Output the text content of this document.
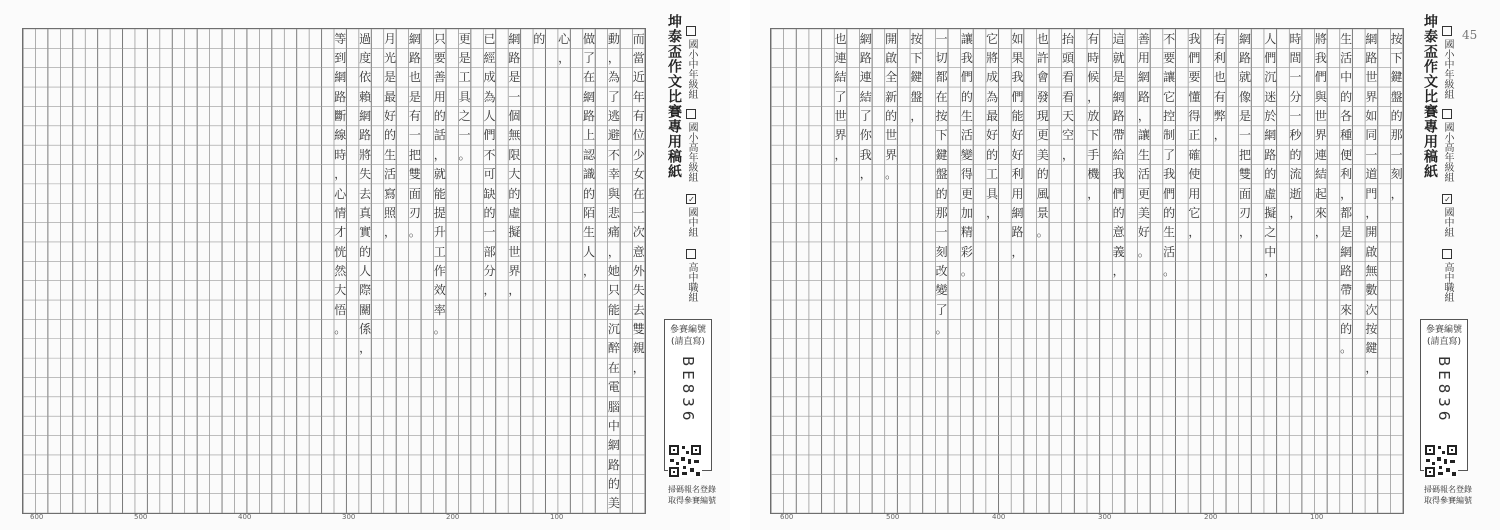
而
當
近
年
有
位
少
女
在
一
次
意
外
失
去
雙
親
，
動
，
為
了
逃
避
不
幸
與
悲
痛
，
她
只
能
沉
醉
在
電
腦
中
網
路
的
美
做
了
在
網
路
上
認
識
的
陌
生
人
，
心
，
的
網
路
是
一
個
無
限
大
的
虛
擬
世
界
，
已
經
成
為
人
們
不
可
缺
的
一
部
分
，
更
是
工
具
之
一
。
只
要
善
用
的
話
，
就
能
提
升
工
作
效
率
。
網
路
也
是
有
一
把
雙
面
刃
。
月
光
是
最
好
的
生
活
寫
照
，
過
度
依
賴
網
路
將
失
去
真
實
的
人
際
關
係
，
等
到
網
路
斷
線
時
，
心
情
才
恍
然
大
悟
。
坤泰盃作文比賽專用稿紙 國小中年級組
國小高年級組
✓國中組
高中職組
參賽編號
(請直寫)
BE836
掃碼報名登錄
取得參賽編號
600	500	400	300	200	100
按
下
鍵
盤
的
那
一
刻
，
網
路
世
界
如
同
一
道
門
，
開
啟
無
數
次
按
鍵
，
生
活
中
的
各
種
便
利
，
都
是
網
路
帶
來
的
。
將
我
們
與
世
界
連
結
起
來
，
時
間
一
分
一
秒
的
流
逝
，
人
們
沉
迷
於
網
路
的
虛
擬
之
中
，
網
路
就
像
是
一
把
雙
面
刃
，
有
利
也
有
弊
，
我
們
要
懂
得
正
確
使
用
它
，
不
要
讓
它
控
制
了
我
們
的
生
活
。
善
用
網
路
，
讓
生
活
更
美
好
。
這
就
是
網
路
帶
給
我
們
的
意
義
，
有
時
候
，
放
下
手
機
，
抬
頭
看
看
天
空
，
也
許
會
發
現
更
美
的
風
景
。
如
果
我
們
能
好
好
利
用
網
路
，
它
將
成
為
最
好
的
工
具
，
讓
我
們
的
生
活
變
得
更
加
精
彩
。
一
切
都
在
按
下
鍵
盤
的
那
一
刻
改
變
了
。
按
下
鍵
盤
，
開
啟
全
新
的
世
界
。
網
路
連
結
了
你
我
，
也
連
結
了
世
界
，	坤泰盃作文比賽專用稿紙 國小中年級組
國小高年級組
✓國中組
高中職組
參賽編號
(請直寫)
BE836
掃碼報名登錄
取得參賽編號
45
600	500	400	300	200	100
